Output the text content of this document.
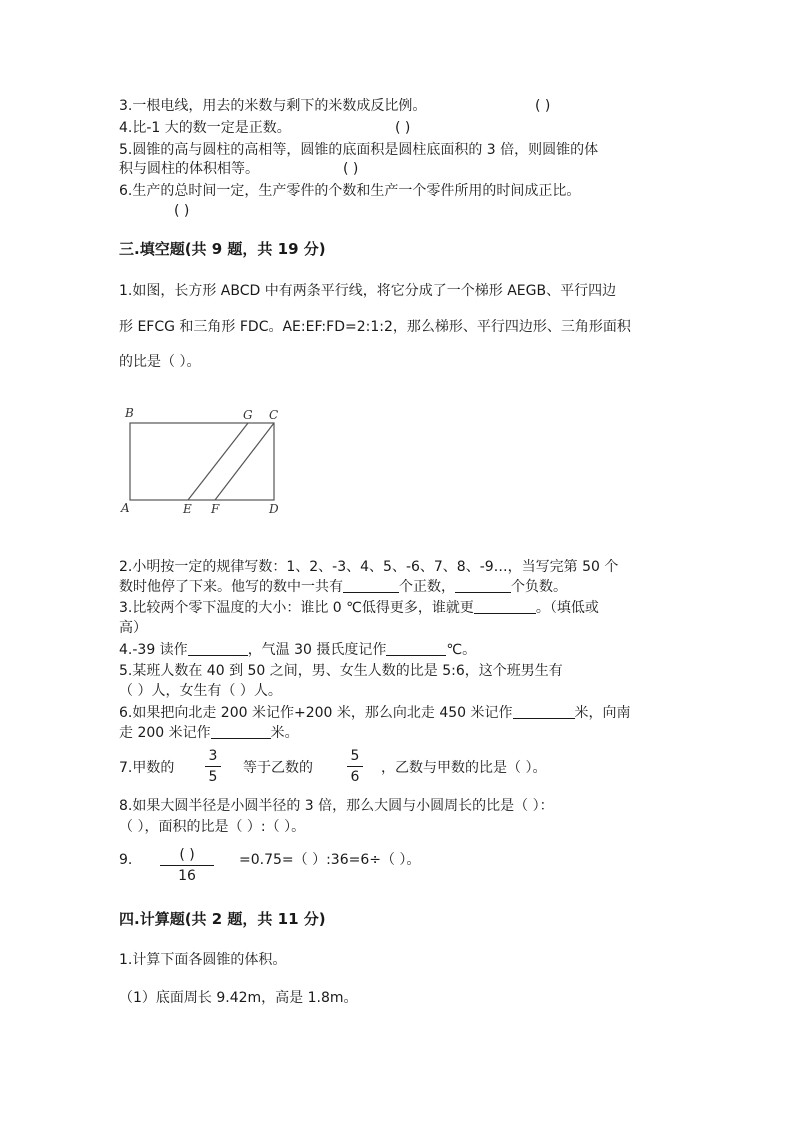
3.一根电线，用去的米数与剩下的米数成反比例。	( )
4.比-1 大的数一定是正数。	( )
5.圆锥的高与圆柱的高相等，圆锥的底面积是圆柱底面积的 3 倍，则圆锥的体
积与圆柱的体积相等。	( )
6.生产的总时间一定，生产零件的个数和生产一个零件所用的时间成正比。
( )
三.填空题(共 9 题，共 19 分)
1.如图，长方形 ABCD 中有两条平行线，将它分成了一个梯形 AEGB、平行四边
形 EFCG 和三角形 FDC。AE:EF:FD=2:1:2，那么梯形、平行四边形、三角形面积
的比是（ ）。
B	G C
A	E F	D
2.小明按一定的规律写数：1、2、-3、4、5、-6、7、8、-9…，当写完第 50 个
数时他停了下来。他写的数中一共有	个正数，	个负数。
3.比较两个零下温度的大小：谁比 0 ℃低得更多，谁就更	。（填低或
高）
4.-39 读作	，气温 30 摄氏度记作	℃。
5.某班人数在 40 到 50 之间，男、女生人数的比是 5:6，这个班男生有
（ ）人，女生有（ ）人。
6.如果把向北走 200 米记作+200 米，那么向北走 450 米记作	米，向南
走 200 米记作	米。
7.甲数的
3
5
等于乙数的
5
6
，乙数与甲数的比是（ ）。
8.如果大圆半径是小圆半径的 3 倍，那么大圆与小圆周长的比是（ ）：
（ ），面积的比是（ ）:（ ）。
9.	( )
16
=0.75=（ ）:36=6÷（ ）。
四.计算题(共 2 题，共 11 分)
1.计算下面各圆锥的体积。
（1）底面周长 9.42m，高是 1.8m。
